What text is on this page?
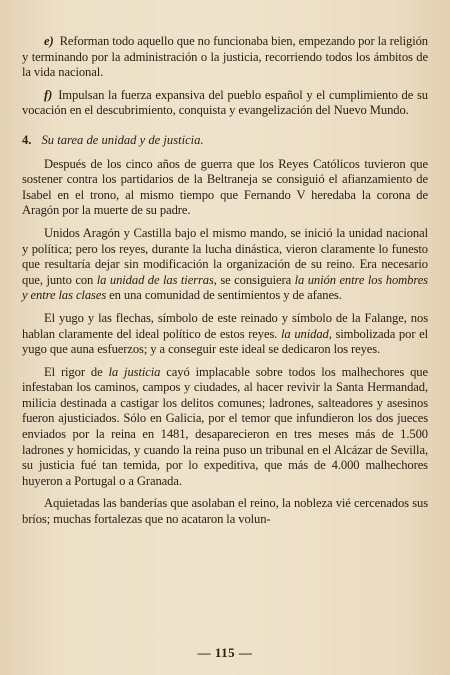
e) Reforman todo aquello que no funcionaba bien, empezando por la religión y terminando por la administración o la justicia, recorriendo todos los ámbitos de la vida nacional.

f) Impulsan la fuerza expansiva del pueblo español y el cumplimiento de su vocación en el descubrimiento, conquista y evangelización del Nuevo Mundo.

4. Su tarea de unidad y de justicia.

Después de los cinco años de guerra que los Reyes Católicos tuvieron que sostener contra los partidarios de la Beltraneja se consiguió el afianzamiento de Isabel en el trono, al mismo tiempo que Fernando V heredaba la corona de Aragón por la muerte de su padre.

Unidos Aragón y Castilla bajo el mismo mando, se inició la unidad nacional y política; pero los reyes, durante la lucha dinástica, vieron claramente lo funesto que resultaría dejar sin modificación la organización de su reino. Era necesario que, junto con la unidad de las tierras, se consiguiera la unión entre los hombres y entre las clases en una comunidad de sentimientos y de afanes.

El yugo y las flechas, símbolo de este reinado y símbolo de la Falange, nos hablan claramente del ideal político de estos reyes. la unidad, simbolizada por el yugo que auna esfuerzos; y a conseguir este ideal se dedicaron los reyes.

El rigor de la justicia cayó implacable sobre todos los malhechores que infestaban los caminos, campos y ciudades, al hacer revivir la Santa Hermandad, milicia destinada a castigar los delitos comunes; ladrones, salteadores y asesinos fueron ajusticiados. Sólo en Galicia, por el temor que infundieron los dos jueces enviados por la reina en 1481, desaparecieron en tres meses más de 1.500 ladrones y homicidas, y cuando la reina puso un tribunal en el Alcázar de Sevilla, su justicia fué tan temida, por lo expeditiva, que más de 4.000 malhechores huyeron a Portugal o a Granada.

Aquietadas las banderías que asolaban el reino, la nobleza vié cercenados sus bríos; muchas fortalezas que no acataron la volun-

— 115 —
